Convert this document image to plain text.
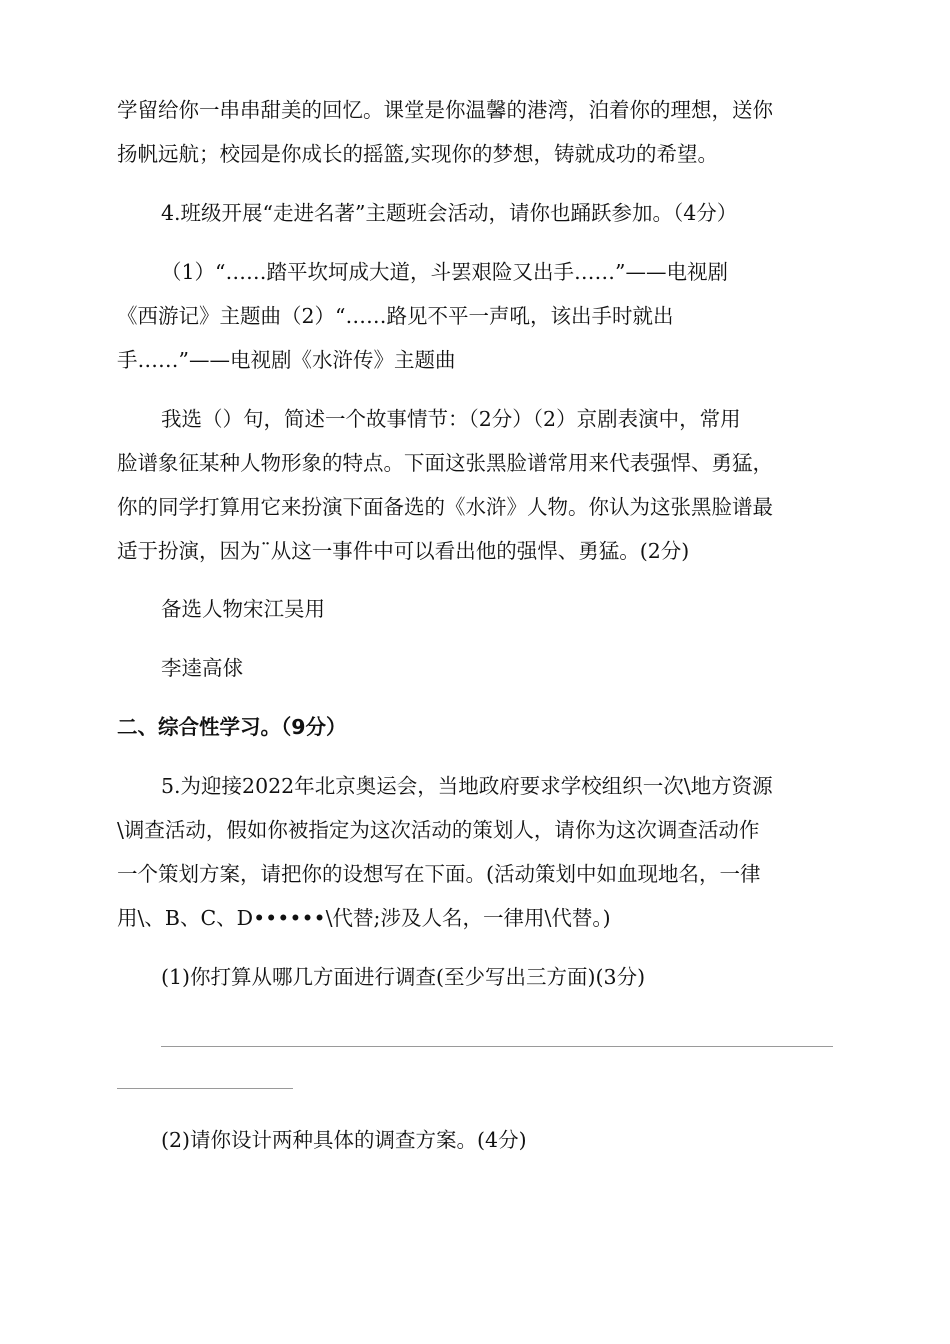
学留给你一串串甜美的回忆。课堂是你温馨的港湾，泊着你的理想，送你
扬帆远航；校园是你成长的摇篮,实现你的梦想，铸就成功的希望。
4.班级开展“走进名著”主题班会活动，请你也踊跃参加。（4分）
（1）“……踏平坎坷成大道，斗罢艰险又出手……”——电视剧
《西游记》主题曲（2）“……路见不平一声吼，该出手时就出
手……”——电视剧《水浒传》主题曲
我选（）句，简述一个故事情节：（2分）（2）京剧表演中，常用
脸谱象征某种人物形象的特点。下面这张黑脸谱常用来代表强悍、勇猛，
你的同学打算用它来扮演下面备选的《水浒》人物。你认为这张黑脸谱最
适于扮演，因为¨从这一事件中可以看出他的强悍、勇猛。(2分)
备选人物宋江吴用
李逵高俅
二、综合性学习。（9分）
5.为迎接2022年北京奥运会，当地政府要求学校组织一次\地方资源
\调查活动，假如你被指定为这次活动的策划人，请你为这次调查活动作
一个策划方案，请把你的设想写在下面。(活动策划中如血现地名，一律
用\、B、C、D••••••\代替;涉及人名，一律用\代替。)
(1)你打算从哪几方面进行调查(至少写出三方面)(3分)
(2)请你设计两种具体的调查方案。(4分)
